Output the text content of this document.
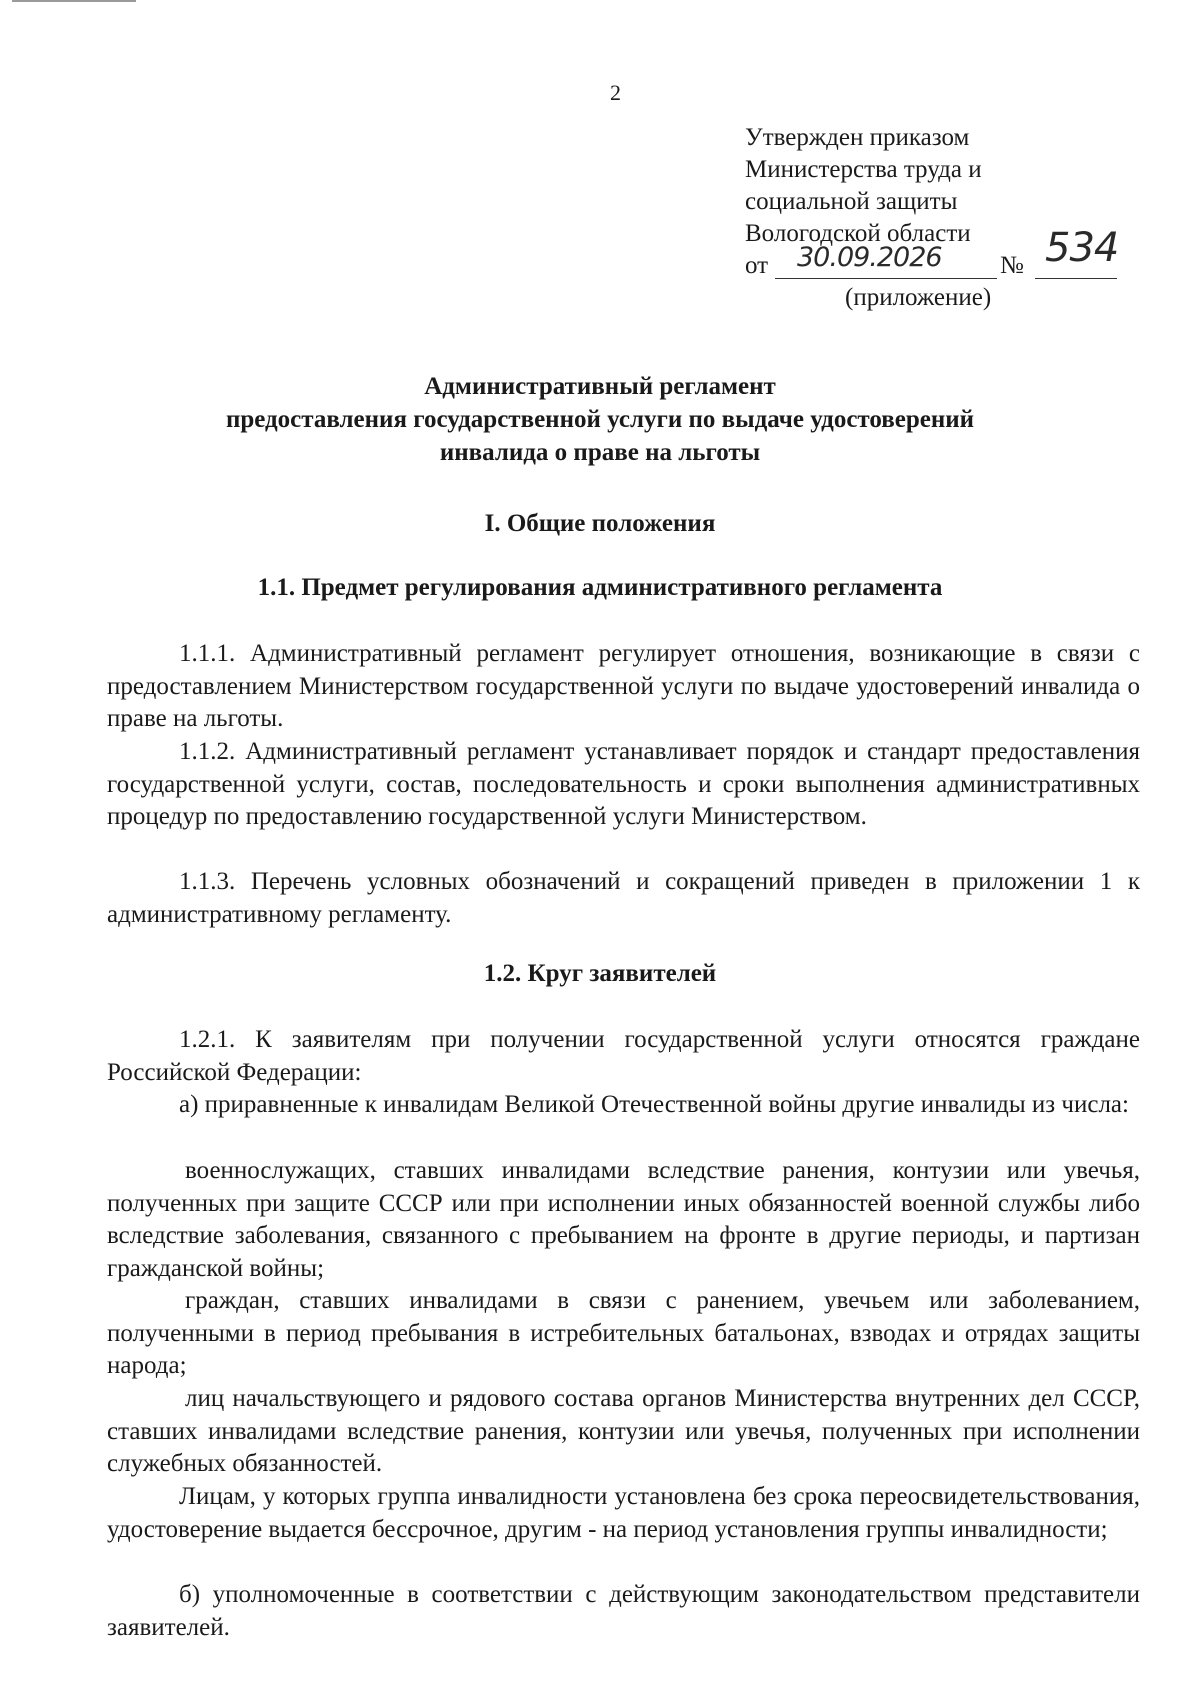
2
Утвержден приказом
Министерства труда и
социальной защиты
Вологодской области
от 30.09.2026 № 534
(приложение)
Административный регламент
предоставления государственной услуги по выдаче удостоверений
инвалида о праве на льготы
I. Общие положения
1.1. Предмет регулирования административного регламента
1.1.1. Административный регламент регулирует отношения, возникающие в связи с предоставлением Министерством государственной услуги по выдаче удостоверений инвалида о праве на льготы.
1.1.2. Административный регламент устанавливает порядок и стандарт предоставления государственной услуги, состав, последовательность и сроки выполнения административных процедур по предоставлению государственной услуги Министерством.
1.1.3. Перечень условных обозначений и сокращений приведен в приложении 1 к административному регламенту.
1.2. Круг заявителей
1.2.1. К заявителям при получении государственной услуги относятся граждане Российской Федерации:
а) приравненные к инвалидам Великой Отечественной войны другие инвалиды из числа:
военнослужащих, ставших инвалидами вследствие ранения, контузии или увечья, полученных при защите СССР или при исполнении иных обязанностей военной службы либо вследствие заболевания, связанного с пребыванием на фронте в другие периоды, и партизан гражданской войны;
граждан, ставших инвалидами в связи с ранением, увечьем или заболеванием, полученными в период пребывания в истребительных батальонах, взводах и отрядах защиты народа;
лиц начальствующего и рядового состава органов Министерства внутренних дел СССР, ставших инвалидами вследствие ранения, контузии или увечья, полученных при исполнении служебных обязанностей.
Лицам, у которых группа инвалидности установлена без срока переосвидетельствования, удостоверение выдается бессрочное, другим - на период установления группы инвалидности;
б) уполномоченные в соответствии с действующим законодательством представители заявителей.
